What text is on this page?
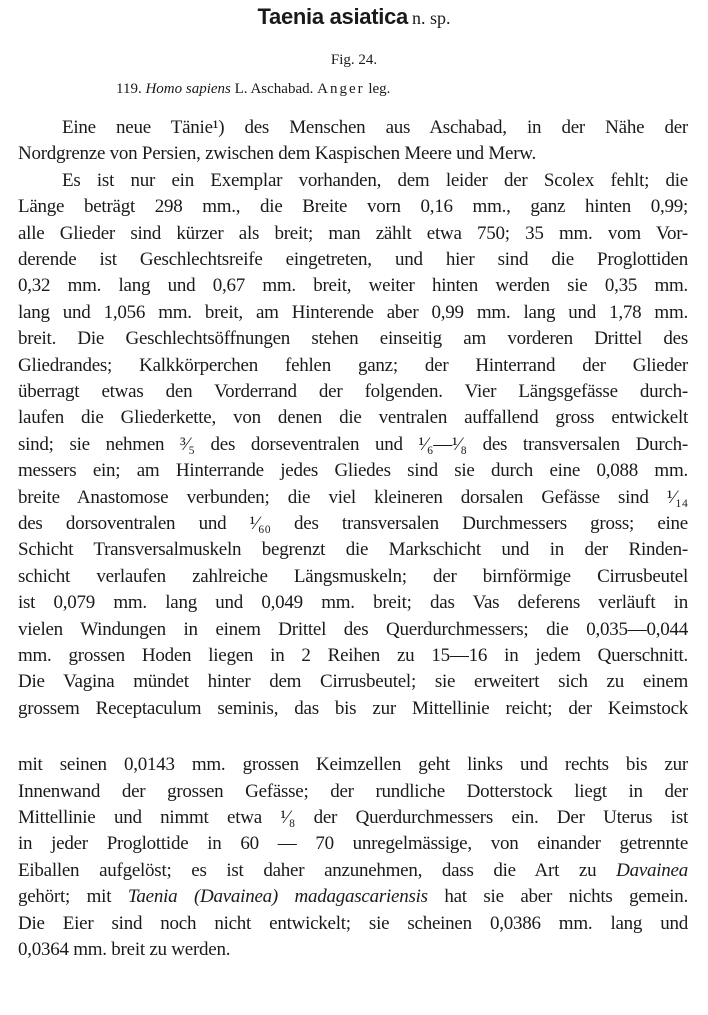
Taenia asiatica n. sp.
Fig. 24.
119. Homo sapiens L. Aschabad. Anger leg.
Eine neue Tänie¹) des Menschen aus Aschabad, in der Nähe der
Nordgrenze von Persien, zwischen dem Kaspischen Meere und Merw.
Es ist nur ein Exemplar vorhanden, dem leider der Scolex fehlt; die
Länge beträgt 298 mm., die Breite vorn 0,16 mm., ganz hinten 0,99;
alle Glieder sind kürzer als breit; man zählt etwa 750; 35 mm. vom Vor-
derende ist Geschlechtsreife eingetreten, und hier sind die Proglottiden
0,32 mm. lang und 0,67 mm. breit, weiter hinten werden sie 0,35 mm.
lang und 1,056 mm. breit, am Hinterende aber 0,99 mm. lang und 1,78 mm.
breit. Die Geschlechtsöffnungen stehen einseitig am vorderen Drittel des
Gliedrandes; Kalkkörperchen fehlen ganz; der Hinterrand der Glieder
überragt etwas den Vorderrand der folgenden. Vier Längsgefässe durch-
laufen die Gliederkette, von denen die ventralen auffallend gross entwickelt
sind; sie nehmen ³⁄₅ des dorseventralen und ¹⁄₆—¹⁄₈ des transversalen Durch-
messers ein; am Hinterrande jedes Gliedes sind sie durch eine 0,088 mm.
breite Anastomose verbunden; die viel kleineren dorsalen Gefässe sind ¹⁄₁₄
des dorsoventralen und ¹⁄₆₀ des transversalen Durchmessers gross; eine
Schicht Transversalmuskeln begrenzt die Markschicht und in der Rinden-
schicht verlaufen zahlreiche Längsmuskeln; der birnförmige Cirrusbeutel
ist 0,079 mm. lang und 0,049 mm. breit; das Vas deferens verläuft in
vielen Windungen in einem Drittel des Querdurchmessers; die 0,035—0,044
mm. grossen Hoden liegen in 2 Reihen zu 15—16 in jedem Querschnitt.
Die Vagina mündet hinter dem Cirrusbeutel; sie erweitert sich zu einem
grossem Receptaculum seminis, das bis zur Mittellinie reicht; der Keimstock
mit seinen 0,0143 mm. grossen Keimzellen geht links und rechts bis zur
Innenwand der grossen Gefässe; der rundliche Dotterstock liegt in der
Mittellinie und nimmt etwa ¹⁄₈ der Querdurchmessers ein. Der Uterus ist
in jeder Proglottide in 60 — 70 unregelmässige, von einander getrennte
Eiballen aufgelöst; es ist daher anzunehmen, dass die Art zu Davainea
gehört; mit Taenia (Davainea) madagascariensis hat sie aber nichts gemein.
Die Eier sind noch nicht entwickelt; sie scheinen 0,0386 mm. lang und
0,0364 mm. breit zu werden.
